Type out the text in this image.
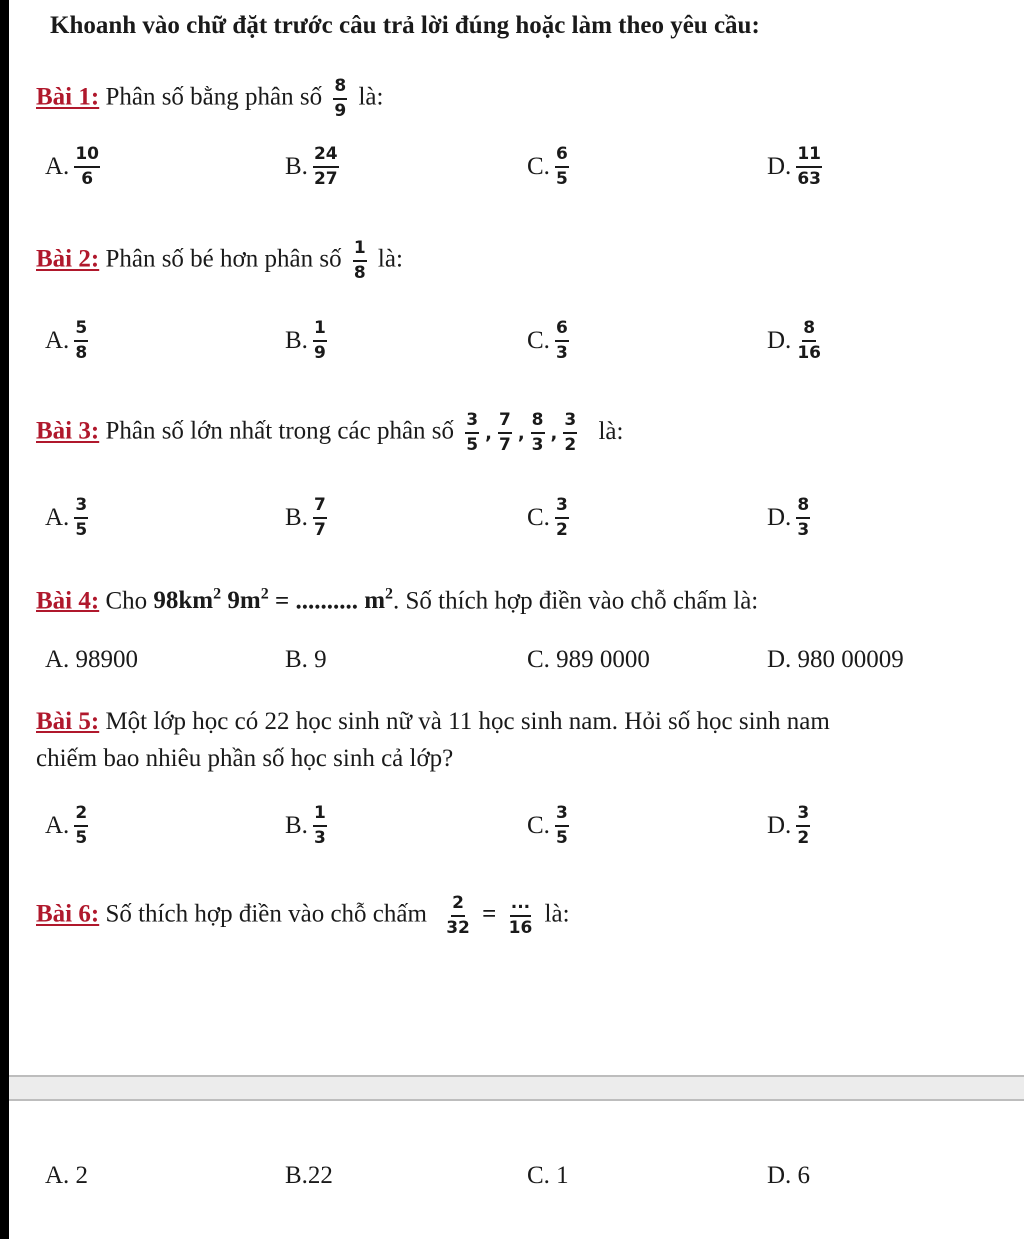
Khoanh vào chữ đặt trước câu trả lời đúng hoặc làm theo yêu cầu:
Bài 1: Phân số bằng phân số $\frac{8}{9}$ là:
A. $\frac{10}{6}$	B. $\frac{24}{27}$	C. $\frac{6}{5}$	D. $\frac{11}{63}$
Bài 2: Phân số bé hơn phân số $\frac{1}{8}$ là:
A. $\frac{5}{8}$	B. $\frac{1}{9}$	C. $\frac{6}{3}$	D. $\frac{8}{16}$
Bài 3: Phân số lớn nhất trong các phân số $\frac{3}{5}$ , $\frac{7}{7}$ , $\frac{8}{3}$ , $\frac{3}{2}$ là:
A. $\frac{3}{5}$	B. $\frac{7}{7}$	C. $\frac{3}{2}$	D. $\frac{8}{3}$
Bài 4: Cho $98km^2$ $9m^2$ = .......... $m^2$. Số thích hợp điền vào chỗ chấm là:
A. 98900	B. 9	C. 989 0000	D. 980 00009
Bài 5: Một lớp học có 22 học sinh nữ và 11 học sinh nam. Hỏi số học sinh nam
chiếm bao nhiêu phần số học sinh cả lớp?
A. $\frac{2}{5}$	B. $\frac{1}{3}$	C. $\frac{3}{5}$	D. $\frac{3}{2}$
Bài 6: Số thích hợp điền vào chỗ chấm $\frac{2}{32} = \frac{...}{16}$ là:
A. 2	B.22	C. 1	D. 6
